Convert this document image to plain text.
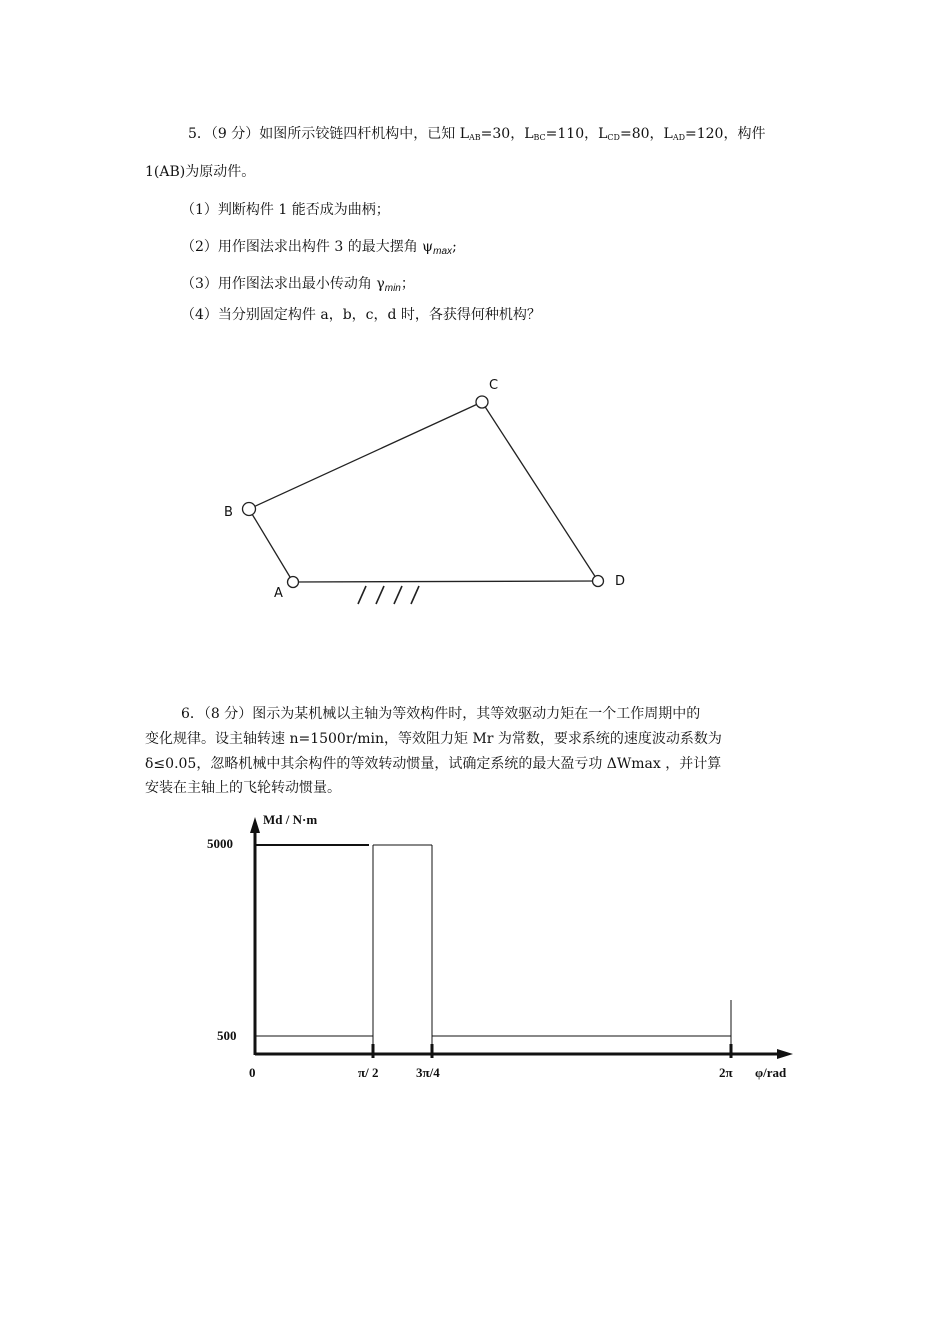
5．（9 分）如图所示铰链四杆机构中，已知 $L_{AB}=30$，$L_{BC}=110$，$L_{CD}=80$，$L_{AD}=120$，构件
1(AB)为原动件。
（1）判断构件 1 能否成为曲柄；
（2）用作图法求出构件 3 的最大摆角 $\psi_{max}$;
（3）用作图法求出最小传动角 $\gamma_{min}$；
（4）当分别固定构件 a，b，c，d 时，各获得何种机构？
6．（8 分）图示为某机械以主轴为等效构件时，其等效驱动力矩在一个工作周期中的
变化规律。设主轴转速 n=1500r/min，等效阻力矩 Mr 为常数，要求系统的速度波动系数为
δ≤0.05，忽略机械中其余构件的等效转动惯量，试确定系统的最大盈亏功 ΔWmax ，并计算
安装在主轴上的飞轮转动惯量。
A
B
C
D
Md / N·m
φ/rad
5000
500
0	π/ 2	3π/4	2π
